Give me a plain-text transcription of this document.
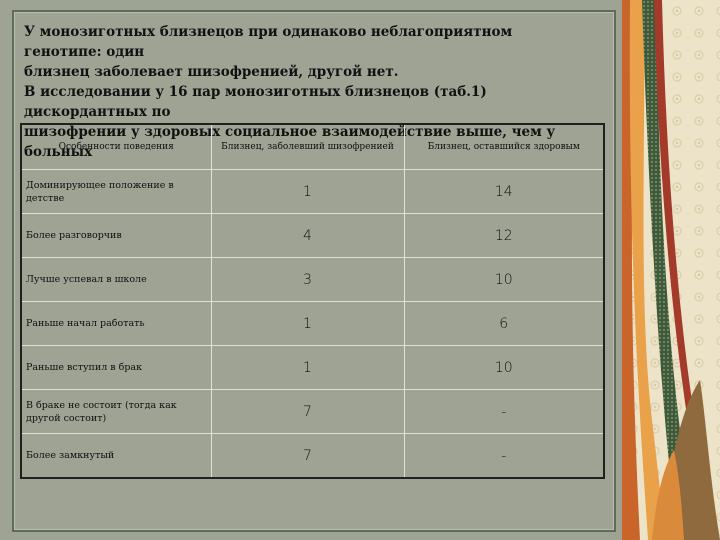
У монозиготных близнецов при одинаково неблагоприятном генотипе: один
близнец заболевает шизофренией, другой нет.
В исследовании у 16 пар монозиготных близнецов (таб.1) дискордантных по
шизофрении у здоровых социальное взаимодействие выше, чем у больных
Особенности поведения	Близнец, заболевший шизофренией	Близнец, оставшийся здоровым
Доминирующее положение в детстве	1	14
Более разговорчив	4	12
Лучше успевал в школе	3	10
Раньше начал работать	1	6
Раньше вступил в брак	1	10
В браке не состоит (тогда как другой состоит)	7	-
Более замкнутый	7	-
